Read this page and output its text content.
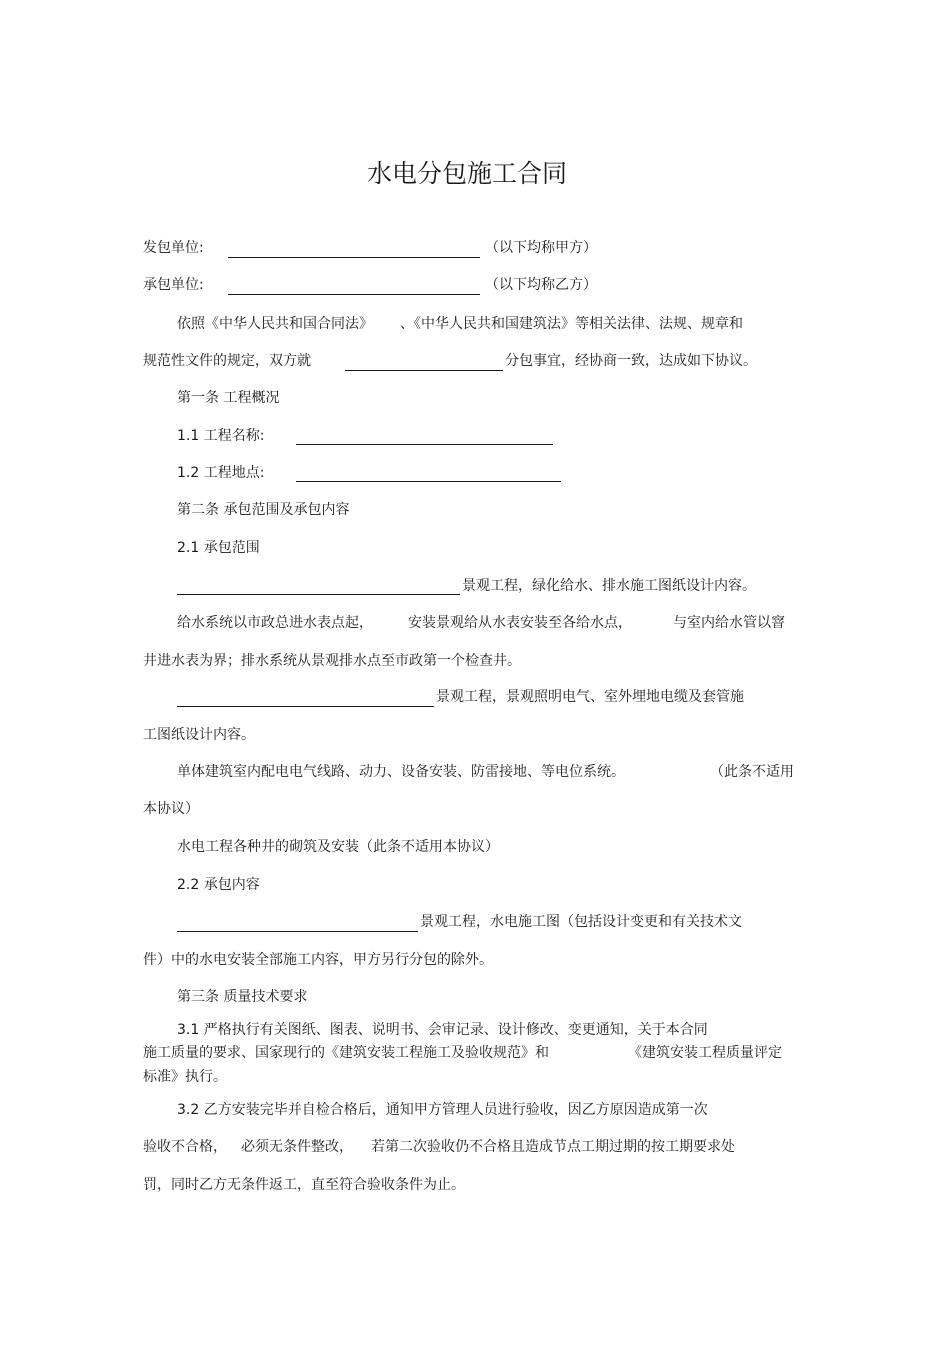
水电分包施工合同
发包单位:	（以下均称甲方）
承包单位:	（以下均称乙方）
依照《中华人民共和国合同法》 、《中华人民共和国建筑法》等相关法律、法规、规章和
规范性文件的规定，双方就	分包事宜，经协商一致，达成如下协议。
第一条 工程概况
1.1 工程名称:
1.2 工程地点:
第二条 承包范围及承包内容
2.1 承包范围
景观工程，绿化给水、排水施工图纸设计内容。
给水系统以市政总进水表点起，	安装景观给从水表安装至各给水点，	与室内给水管以窨
井进水表为界；排水系统从景观排水点至市政第一个检查井。
景观工程，景观照明电气、室外埋地电缆及套管施
工图纸设计内容。
单体建筑室内配电电气线路、动力、设备安装、防雷接地、等电位系统。	（此条不适用
本协议）
水电工程各种井的砌筑及安装（此条不适用本协议）
2.2 承包内容
景观工程，水电施工图（包括设计变更和有关技术文
件）中的水电安装全部施工内容，甲方另行分包的除外。
第三条 质量技术要求
3.1 严格执行有关图纸、图表、说明书、会审记录、设计修改、变更通知，关于本合同
施工质量的要求、国家现行的《建筑安装工程施工及验收规范》和	《建筑安装工程质量评定
标准》执行。
3.2 乙方安装完毕并自检合格后，通知甲方管理人员进行验收，因乙方原因造成第一次
验收不合格， 必须无条件整改， 若第二次验收仍不合格且造成节点工期过期的按工期要求处
罚，同时乙方无条件返工，直至符合验收条件为止。
